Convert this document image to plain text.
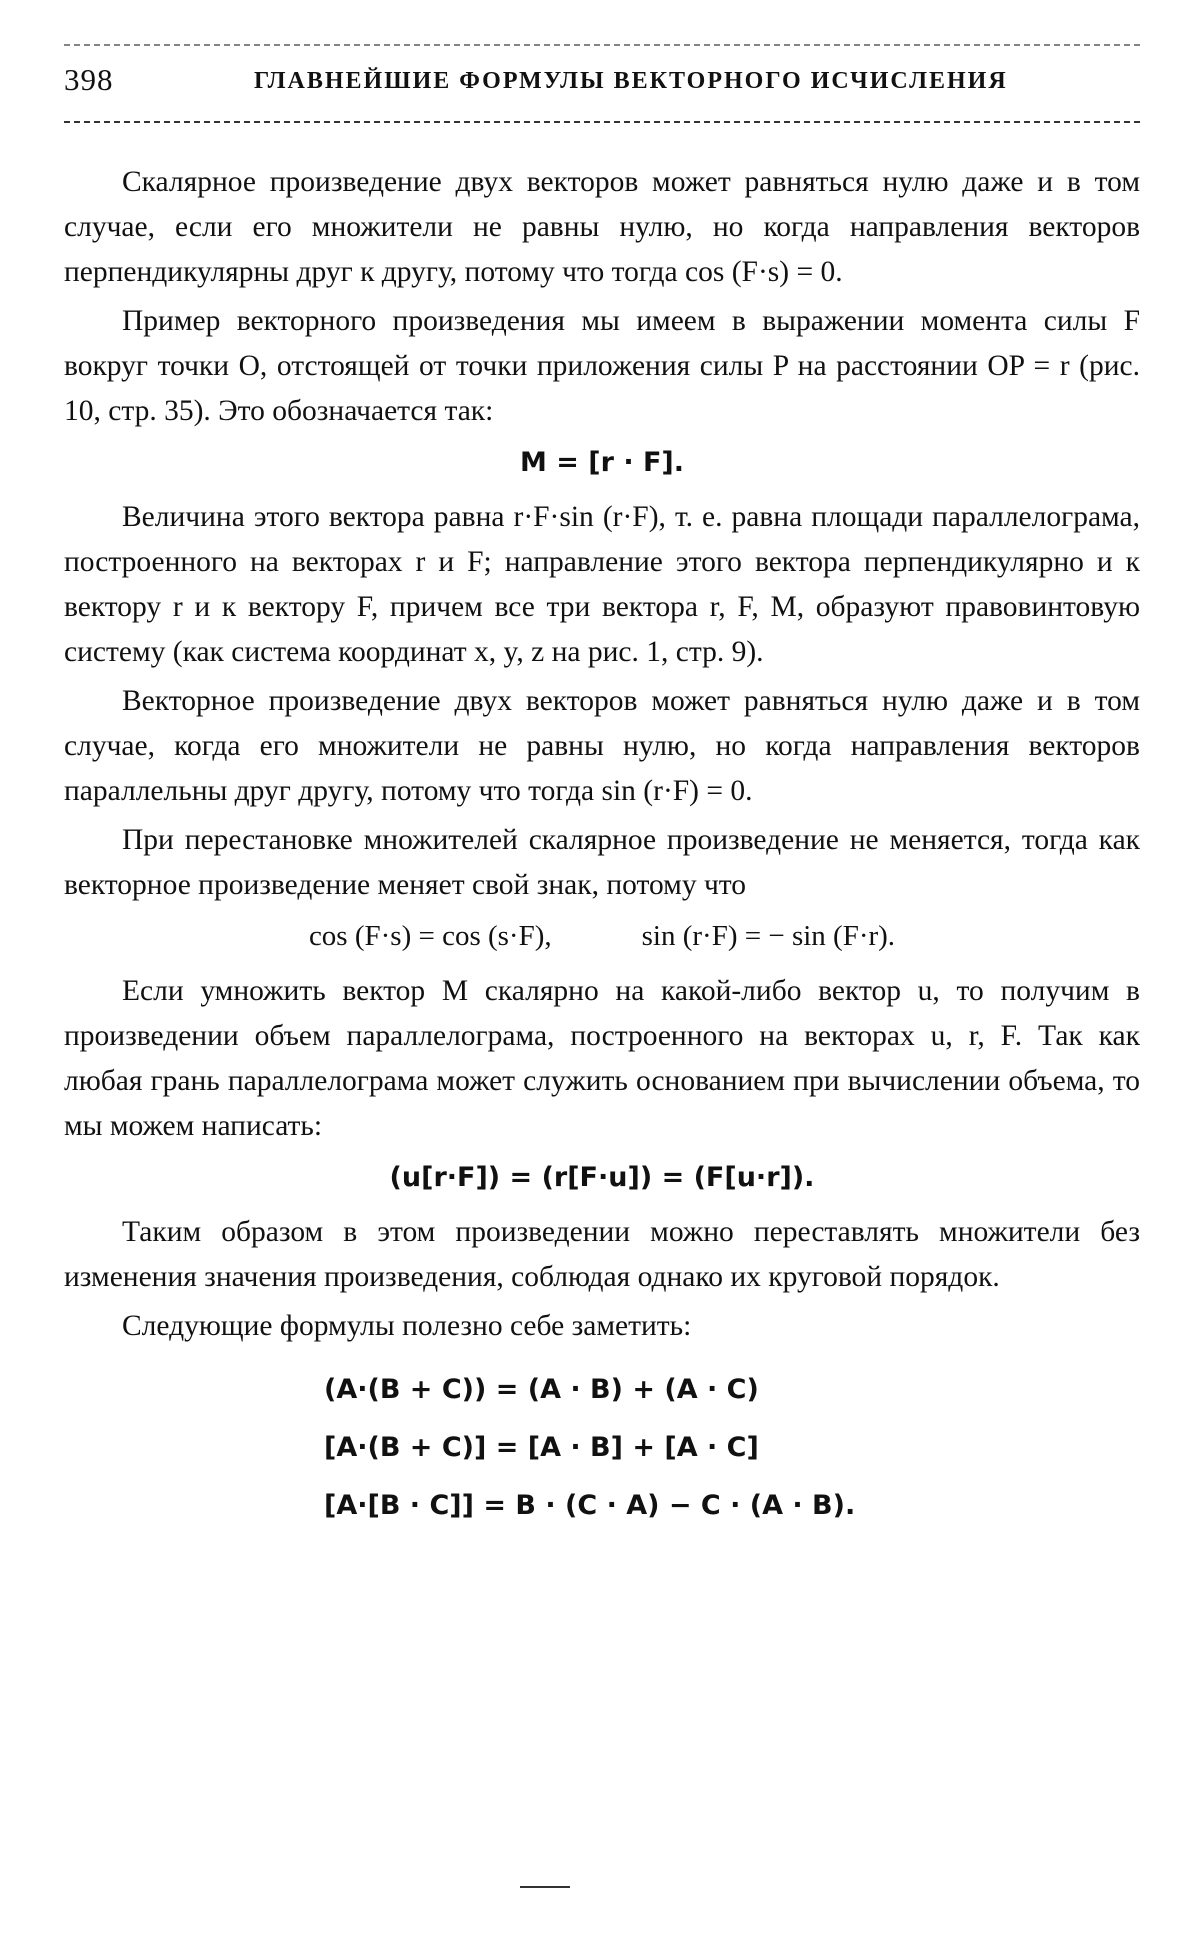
398	ГЛАВНЕЙШИЕ ФОРМУЛЫ ВЕКТОРНОГО ИСЧИСЛЕНИЯ

Скалярное произведение двух векторов может равняться нулю даже и в том случае, если его множители не равны нулю, но когда направления векторов перпендикулярны друг к другу, потому что тогда cos (F·s) = 0.

Пример векторного произведения мы имеем в выражении момента силы F вокруг точки O, отстоящей от точки приложения силы P на расстоянии OP = r (рис. 10, стр. 35). Это обозначается так:

M = [r · F].

Величина этого вектора равна r·F·sin (r·F), т. е. равна площади параллелограма, построенного на векторах r и F; направление этого вектора перпендикулярно и к вектору r и к вектору F, причем все три вектора r, F, M, образуют правовинтовую систему (как система координат x, y, z на рис. 1, стр. 9).

Векторное произведение двух векторов может равняться нулю даже и в том случае, когда его множители не равны нулю, но когда направления векторов параллельны друг другу, потому что тогда sin (r·F) = 0.

При перестановке множителей скалярное произведение не меняется, тогда как векторное произведение меняет свой знак, потому что

cos (F·s) = cos (s·F),	sin (r·F) = − sin (F·r).

Если умножить вектор M скалярно на какой-либо вектор u, то получим в произведении объем параллелограма, построенного на векторах u, r, F. Так как любая грань параллелограма может служить основанием при вычислении объема, то мы можем написать:

(u[r·F]) = (r[F·u]) = (F[u·r]).

Таким образом в этом произведении можно переставлять множители без изменения значения произведения, соблюдая однако их круговой порядок.

Следующие формулы полезно себе заметить:

(A·(B + C)) = (A · B) + (A · C)
[A·(B + C)] = [A · B] + [A · C]
[A·[B · C]] = B · (C · A) − C · (A · B).
